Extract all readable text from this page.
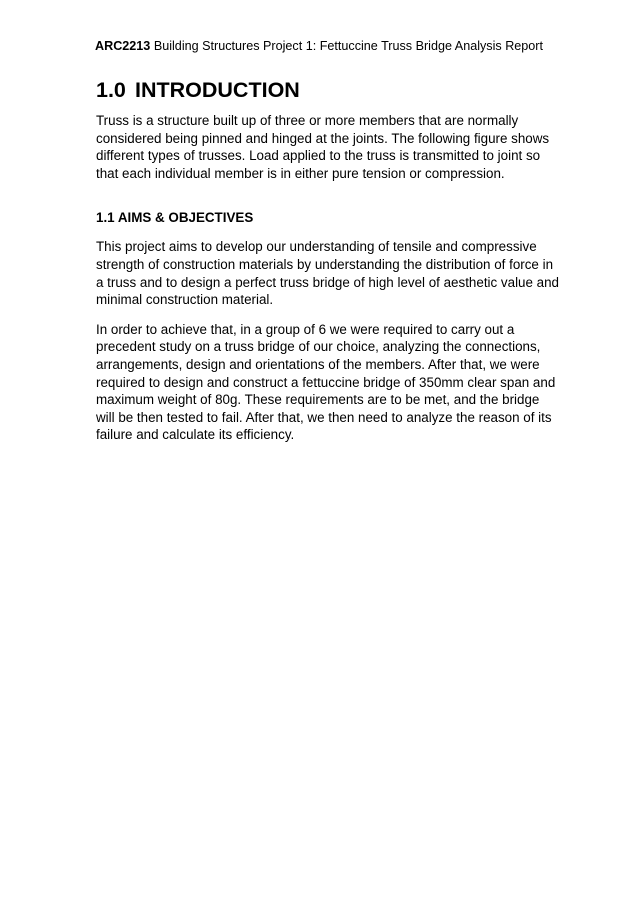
ARC2213 Building Structures Project 1: Fettuccine Truss Bridge Analysis Report
1.0 INTRODUCTION

Truss is a structure built up of three or more members that are normally
considered being pinned and hinged at the joints. The following figure shows
different types of trusses. Load applied to the truss is transmitted to joint so
that each individual member is in either pure tension or compression.

1.1 AIMS & OBJECTIVES

This project aims to develop our understanding of tensile and compressive
strength of construction materials by understanding the distribution of force in
a truss and to design a perfect truss bridge of high level of aesthetic value and
minimal construction material.

In order to achieve that, in a group of 6 we were required to carry out a
precedent study on a truss bridge of our choice, analyzing the connections,
arrangements, design and orientations of the members. After that, we were
required to design and construct a fettuccine bridge of 350mm clear span and
maximum weight of 80g. These requirements are to be met, and the bridge
will be then tested to fail. After that, we then need to analyze the reason of its
failure and calculate its efficiency.
